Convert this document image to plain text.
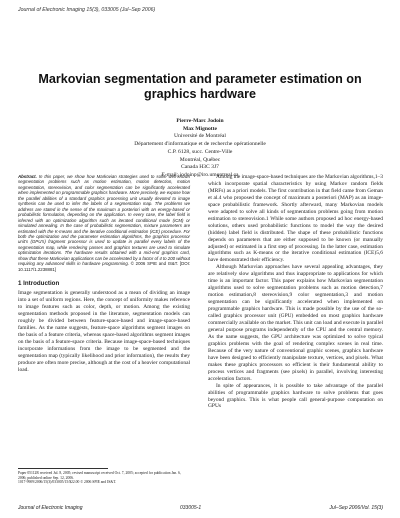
Journal of Electronic Imaging 15(3), 033005 (Jul–Sep 2006)
Markovian segmentation and parameter estimation on graphics hardware
Pierre-Marc Jodoin
Max Mignotte
Université de Montréal
Département d'informatique et de recherche opérationnelle
C.P. 6128, succ. Centre-Ville
Montréal, Québec
Canada H3C 3J7
E-mail: jodoinp@iro.umontreal.ca
Abstract. In this paper, we show how Markovian strategies used to solve well-known segmentation problems such as motion estimation, motion detection, motion segmentation, stereovision, and color segmentation can be significantly accelerated when implemented on programmable graphics hardware. More precisely, we expose how the parallel abilities of a standard graphics processing unit usually devoted to image synthesis can be used to infer the labels of a segmentation map. The problems we address are stated in the sense of the maximum a posteriori with an energy-based or probabilistic formulation, depending on the application. In every case, the label field is inferred with an optimization algorithm such as iterated conditional mode (ICM) or simulated annealing. In the case of probabilistic segmentation, mixture parameters are estimated with the K-means and the iterative conditional estimation (ICE) procedure. For both the optimization and the parameter estimation algorithms, the graphics processor unit's (GPU's) fragment processor is used to update in parallel every labels of the segmentation map, while rendering passes and graphics textures are used to simulate optimization iterations. The hardware results obtained with a mid-end graphics card, show that these Markovian applications can be accelerated by a factor of 4 to 200 without requiring any advanced skills in hardware programming. © 2006 SPIE and IS&T. [DOI: 10.1117/1.2238881]
1 Introduction

Image segmentation is generally understood as a mean of dividing an image into a set of uniform regions. Here, the concept of uniformity makes reference to image features such as color, depth, or motion. Among the existing segmentation methods proposed in the literature, segmentation models can roughly be divided between feature-space-based and image-space-based families. As the name suggests, feature-space algorithms segment images on the basis of a feature criteria, whereas space-based algorithms segment images on the basis of a feature-space criteria. Because image-space-based techniques incorporate informations from the image to be segmented and the segmentation map (typically likelihood and prior information), the results they produce are often more precise, although at the cost of a heavier computational load.

Among the image-space-based techniques are the Markovian algorithms,1–3 which incorporate spatial characteristics by using Markov random fields (MRFs) as a priori models. The first contribution in that field came from Geman et al.4 who proposed the concept of maximum a posteriori (MAP) as an image-space probabilistic framework. Shortly afterward, many Markovian models were adapted to solve all kinds of segmentation problems going from motion estimation to stereovision.1 While some authors proposed ad hoc energy-based solutions, others used probabilistic functions to model the way the desired (hidden) label field is distributed. The shape of these probabilistic functions depends on parameters that are either supposed to be known (or manually adjusted) or estimated in a first step of processing. In the latter case, estimation algorithms such as K-means or the iterative conditional estimation (ICE)5,6 have demonstrated their efficiency.

Although Markovian approaches have several appealing advantages, they are relatively slow algorithms and thus inappropriate to applications for which time is an important factor. This paper explains how Markovian segmentation algorithms used to solve segmentation problems such as motion detection,7 motion estimation,8 stereovision,9 color segmentation,3 and motion segmentation can be significantly accelerated when implemented on programmable graphics hardware. This is made possible by the use of the so-called graphics processor unit (GPU) embedded on most graphics hardware commercially available on the market. This unit can load and execute in parallel general purpose programs independently of the CPU and the central memory. As the name suggests, the GPU architecture was optimized to solve typical graphics problems with the goal of rendering complex scenes in real time. Because of the very nature of conventional graphic scenes, graphics hardware have been designed to efficiently manipulate texture, vertices, and pixels. What makes these graphics processors so efficient is their fundamental ability to process vertices and fragments (see pixels) in parallel, involving interesting acceleration factors.

In spite of appearances, it is possible to take advantage of the parallel abilities of programmable graphics hardware to solve problems that goes beyond graphics. This is what people call general-purpose computation on GPUs

Paper 05112R received Jul. 8, 2005; revised manuscript received Oct. 7, 2005; accepted for publication Jan. 6, 2006; published online Sep. 12, 2006.
1017-9909/2006/15(3)/033005/15/$22.00 © 2006 SPIE and IS&T.
Journal of Electronic Imaging	033005-1	Jul–Sep 2006/Vol. 15(3)
